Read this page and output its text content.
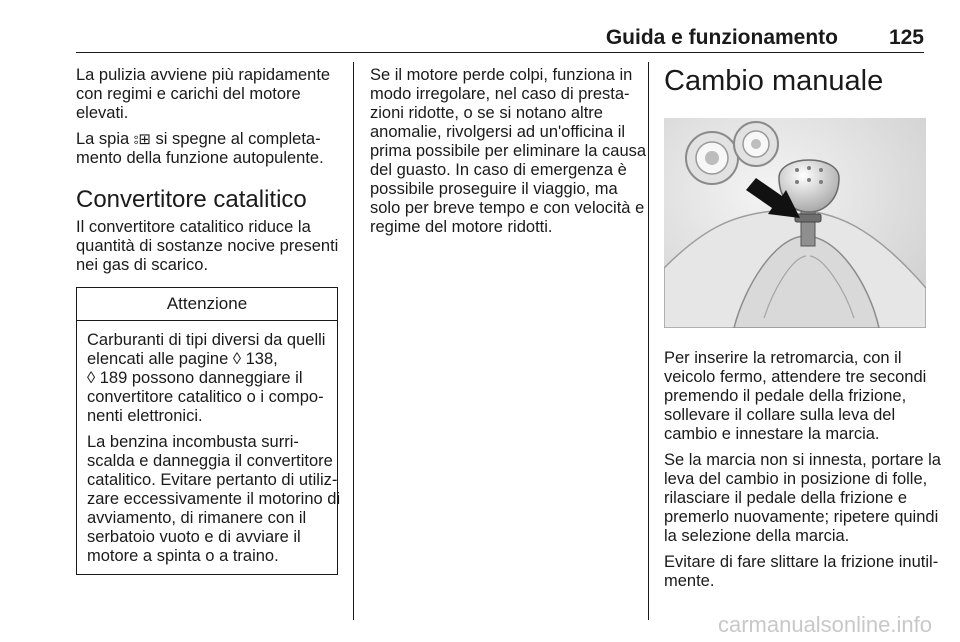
Guida e funzionamento 125

La pulizia avviene più rapidamente
con regimi e carichi del motore
elevati.

La spia ⦂⊞ si spegne al completa-
mento della funzione autopulente.

Convertitore catalitico

Il convertitore catalitico riduce la
quantità di sostanze nocive presenti
nei gas di scarico.

Attenzione

Carburanti di tipi diversi da quelli
elencati alle pagine ◊ 138,
◊ 189 possono danneggiare il
convertitore catalitico o i compo-
nenti elettronici.

La benzina incombusta surri-
scalda e danneggia il convertitore
catalitico. Evitare pertanto di utiliz-
zare eccessivamente il motorino di
avviamento, di rimanere con il
serbatoio vuoto e di avviare il
motore a spinta o a traino.

Se il motore perde colpi, funziona in
modo irregolare, nel caso di presta-
zioni ridotte, o se si notano altre
anomalie, rivolgersi ad un'officina il
prima possibile per eliminare la causa
del guasto. In caso di emergenza è
possibile proseguire il viaggio, ma
solo per breve tempo e con velocità e
regime del motore ridotti.

Cambio manuale

Per inserire la retromarcia, con il
veicolo fermo, attendere tre secondi
premendo il pedale della frizione,
sollevare il collare sulla leva del
cambio e innestare la marcia.

Se la marcia non si innesta, portare la
leva del cambio in posizione di folle,
rilasciare il pedale della frizione e
premerlo nuovamente; ripetere quindi
la selezione della marcia.

Evitare di fare slittare la frizione inutil-
mente.

carmanualsonline.info
